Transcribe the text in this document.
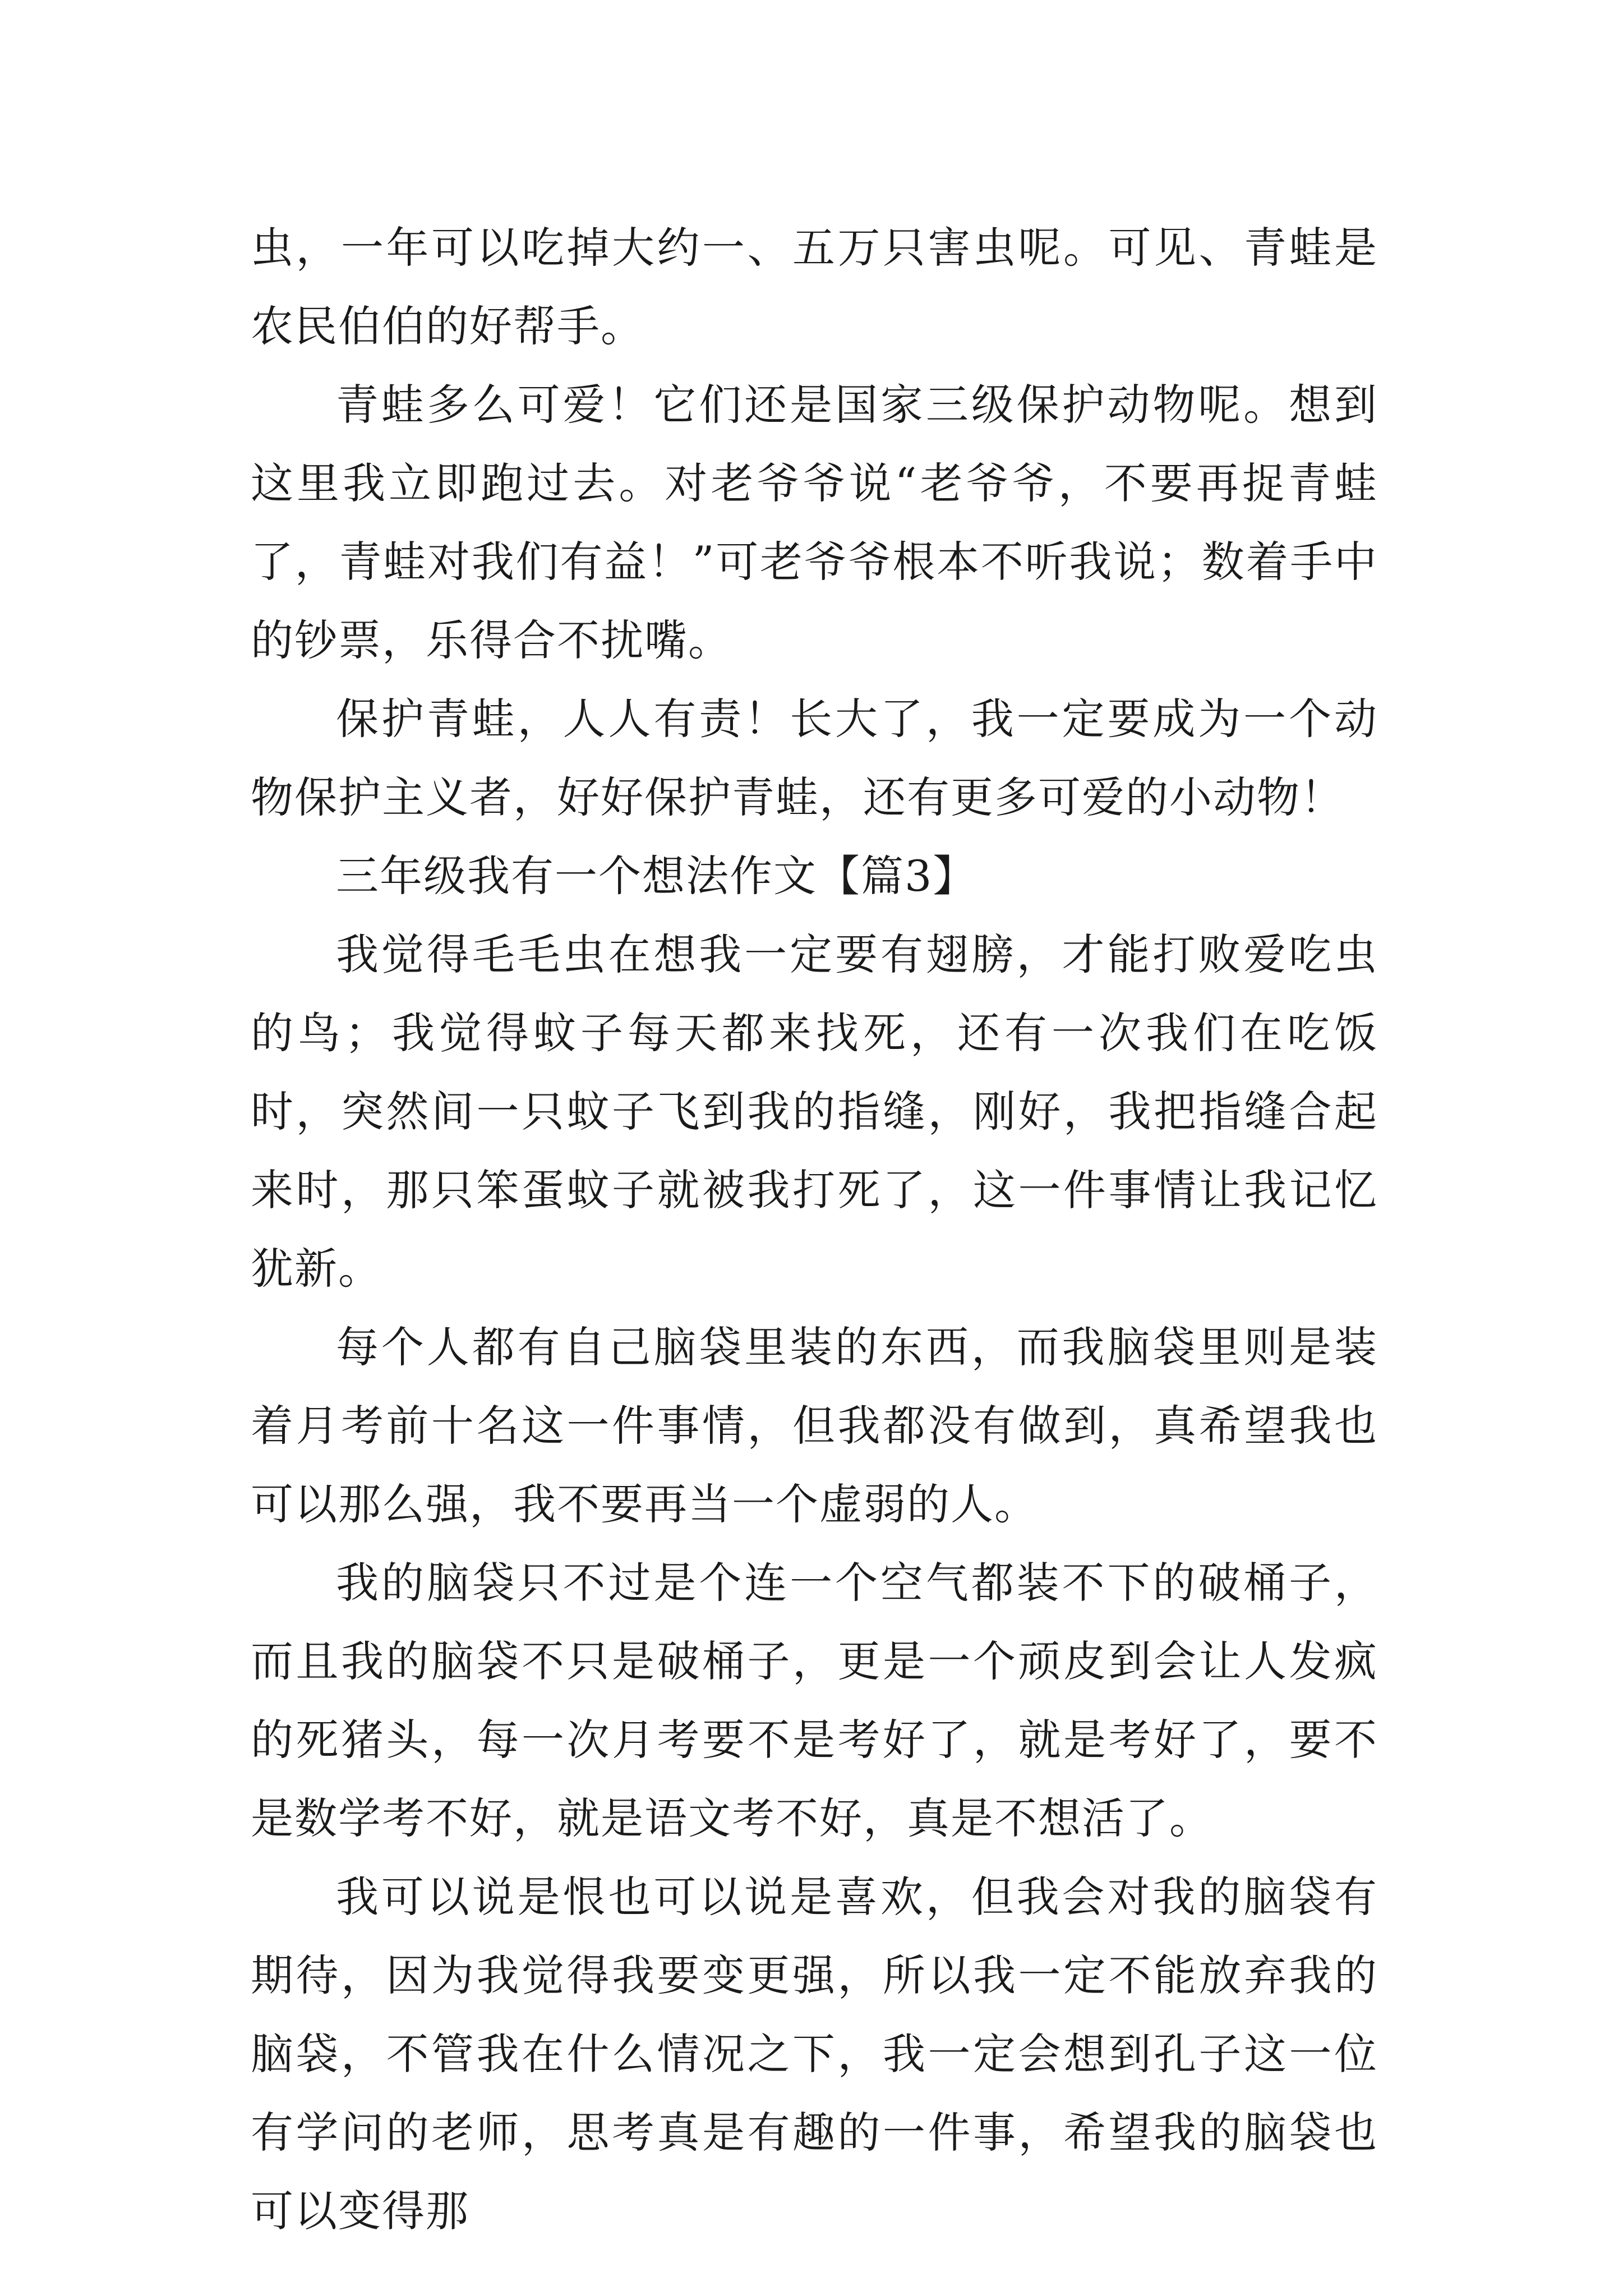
虫，一年可以吃掉大约一、五万只害虫呢。可见、青蛙是农民伯伯的好帮手。

青蛙多么可爱！它们还是国家三级保护动物呢。想到这里我立即跑过去。对老爷爷说“老爷爷，不要再捉青蛙了，青蛙对我们有益！”可老爷爷根本不听我说；数着手中的钞票，乐得合不扰嘴。

保护青蛙，人人有责！长大了，我一定要成为一个动物保护主义者，好好保护青蛙，还有更多可爱的小动物！

三年级我有一个想法作文【篇3】

我觉得毛毛虫在想我一定要有翅膀，才能打败爱吃虫的鸟；我觉得蚊子每天都来找死，还有一次我们在吃饭时，突然间一只蚊子飞到我的指缝，刚好，我把指缝合起来时，那只笨蛋蚊子就被我打死了，这一件事情让我记忆犹新。

每个人都有自己脑袋里装的东西，而我脑袋里则是装着月考前十名这一件事情，但我都没有做到，真希望我也可以那么强，我不要再当一个虚弱的人。

我的脑袋只不过是个连一个空气都装不下的破桶子，而且我的脑袋不只是破桶子，更是一个顽皮到会让人发疯的死猪头，每一次月考要不是考好了，就是考好了，要不是数学考不好，就是语文考不好，真是不想活了。

我可以说是恨也可以说是喜欢，但我会对我的脑袋有期待，因为我觉得我要变更强，所以我一定不能放弃我的脑袋，不管我在什么情况之下，我一定会想到孔子这一位有学问的老师，思考真是有趣的一件事，希望我的脑袋也可以变得那
